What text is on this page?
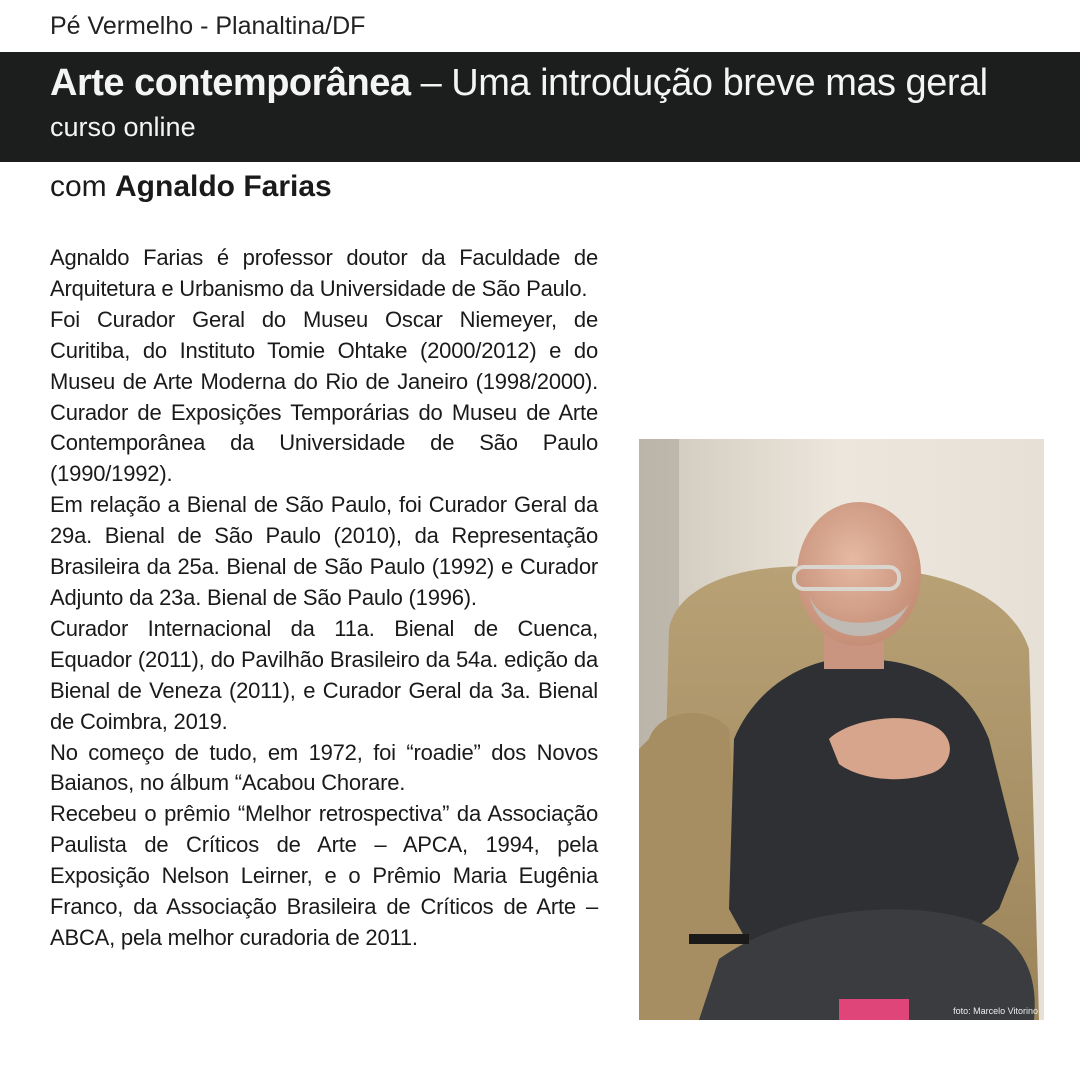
Pé Vermelho - Planaltina/DF
Arte contemporânea – Uma introdução breve mas geral
curso online
com Agnaldo Farias

Agnaldo Farias é professor doutor da Faculdade de Arquitetura e Urbanismo da Universidade de São Paulo.

Foi Curador Geral do Museu Oscar Niemeyer, de Curitiba, do Instituto Tomie Ohtake (2000/2012) e do Museu de Arte Moderna do Rio de Janeiro (1998/2000). Curador de Exposições Temporárias do Museu de Arte Contemporânea da Universidade de São Paulo (1990/1992).

Em relação a Bienal de São Paulo, foi Curador Geral da 29a. Bienal de São Paulo (2010), da Representação Brasileira da 25a. Bienal de São Paulo (1992) e Curador Adjunto da 23a. Bienal de São Paulo (1996).

Curador Internacional da 11a. Bienal de Cuenca, Equador (2011), do Pavilhão Brasileiro da 54a. edição da Bienal de Veneza (2011), e Curador Geral da 3a. Bienal de Coimbra, 2019.

No começo de tudo, em 1972, foi “roadie” dos Novos Baianos, no álbum “Acabou Chorare.

Recebeu o prêmio “Melhor retrospectiva” da Associação Paulista de Críticos de Arte – APCA, 1994, pela Exposição Nelson Leirner, e o Prêmio Maria Eugênia Franco, da Associação Brasileira de Críticos de Arte – ABCA, pela melhor curadoria de 2011.

foto: Marcelo Vitorino
